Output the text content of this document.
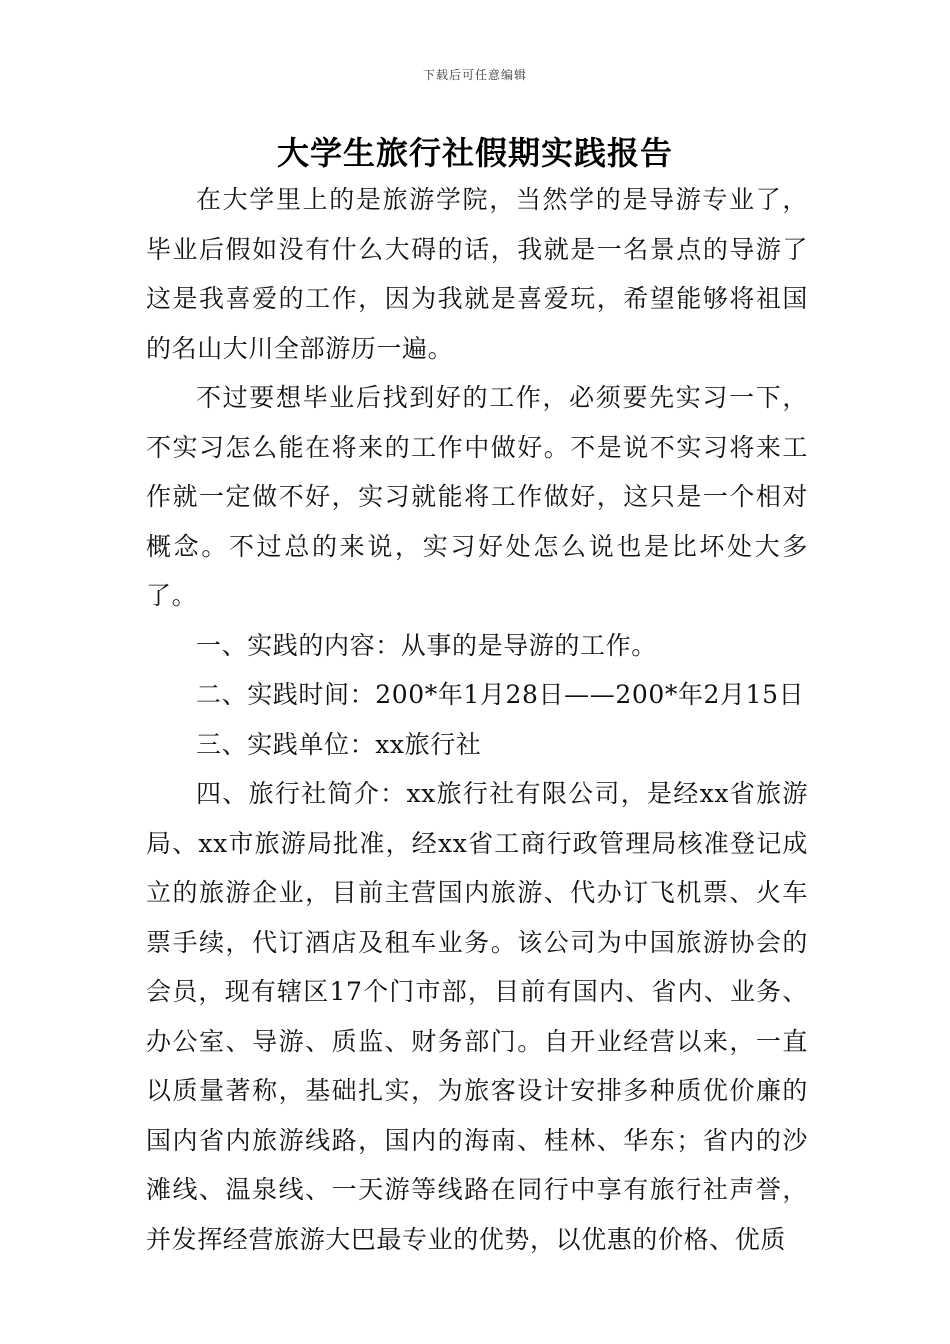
下载后可任意编辑
大学生旅行社假期实践报告

在大学里上的是旅游学院，当然学的是导游专业了，毕业后假如没有什么大碍的话，我就是一名景点的导游了这是我喜爱的工作，因为我就是喜爱玩，希望能够将祖国的名山大川全部游历一遍。

不过要想毕业后找到好的工作，必须要先实习一下，不实习怎么能在将来的工作中做好。不是说不实习将来工作就一定做不好，实习就能将工作做好，这只是一个相对概念。不过总的来说，实习好处怎么说也是比坏处大多了。

一、实践的内容：从事的是导游的工作。

二、实践时间：200*年1月28日——200*年2月15日

三、实践单位：xx旅行社

四、旅行社简介：xx旅行社有限公司，是经xx省旅游局、xx市旅游局批准，经xx省工商行政管理局核准登记成立的旅游企业，目前主营国内旅游、代办订飞机票、火车票手续，代订酒店及租车业务。该公司为中国旅游协会的会员，现有辖区17个门市部，目前有国内、省内、业务、办公室、导游、质监、财务部门。自开业经营以来，一直以质量著称，基础扎实，为旅客设计安排多种质优价廉的国内省内旅游线路，国内的海南、桂林、华东；省内的沙滩线、温泉线、一天游等线路在同行中享有旅行社声誉，并发挥经营旅游大巴最专业的优势，以优惠的价格、优质
